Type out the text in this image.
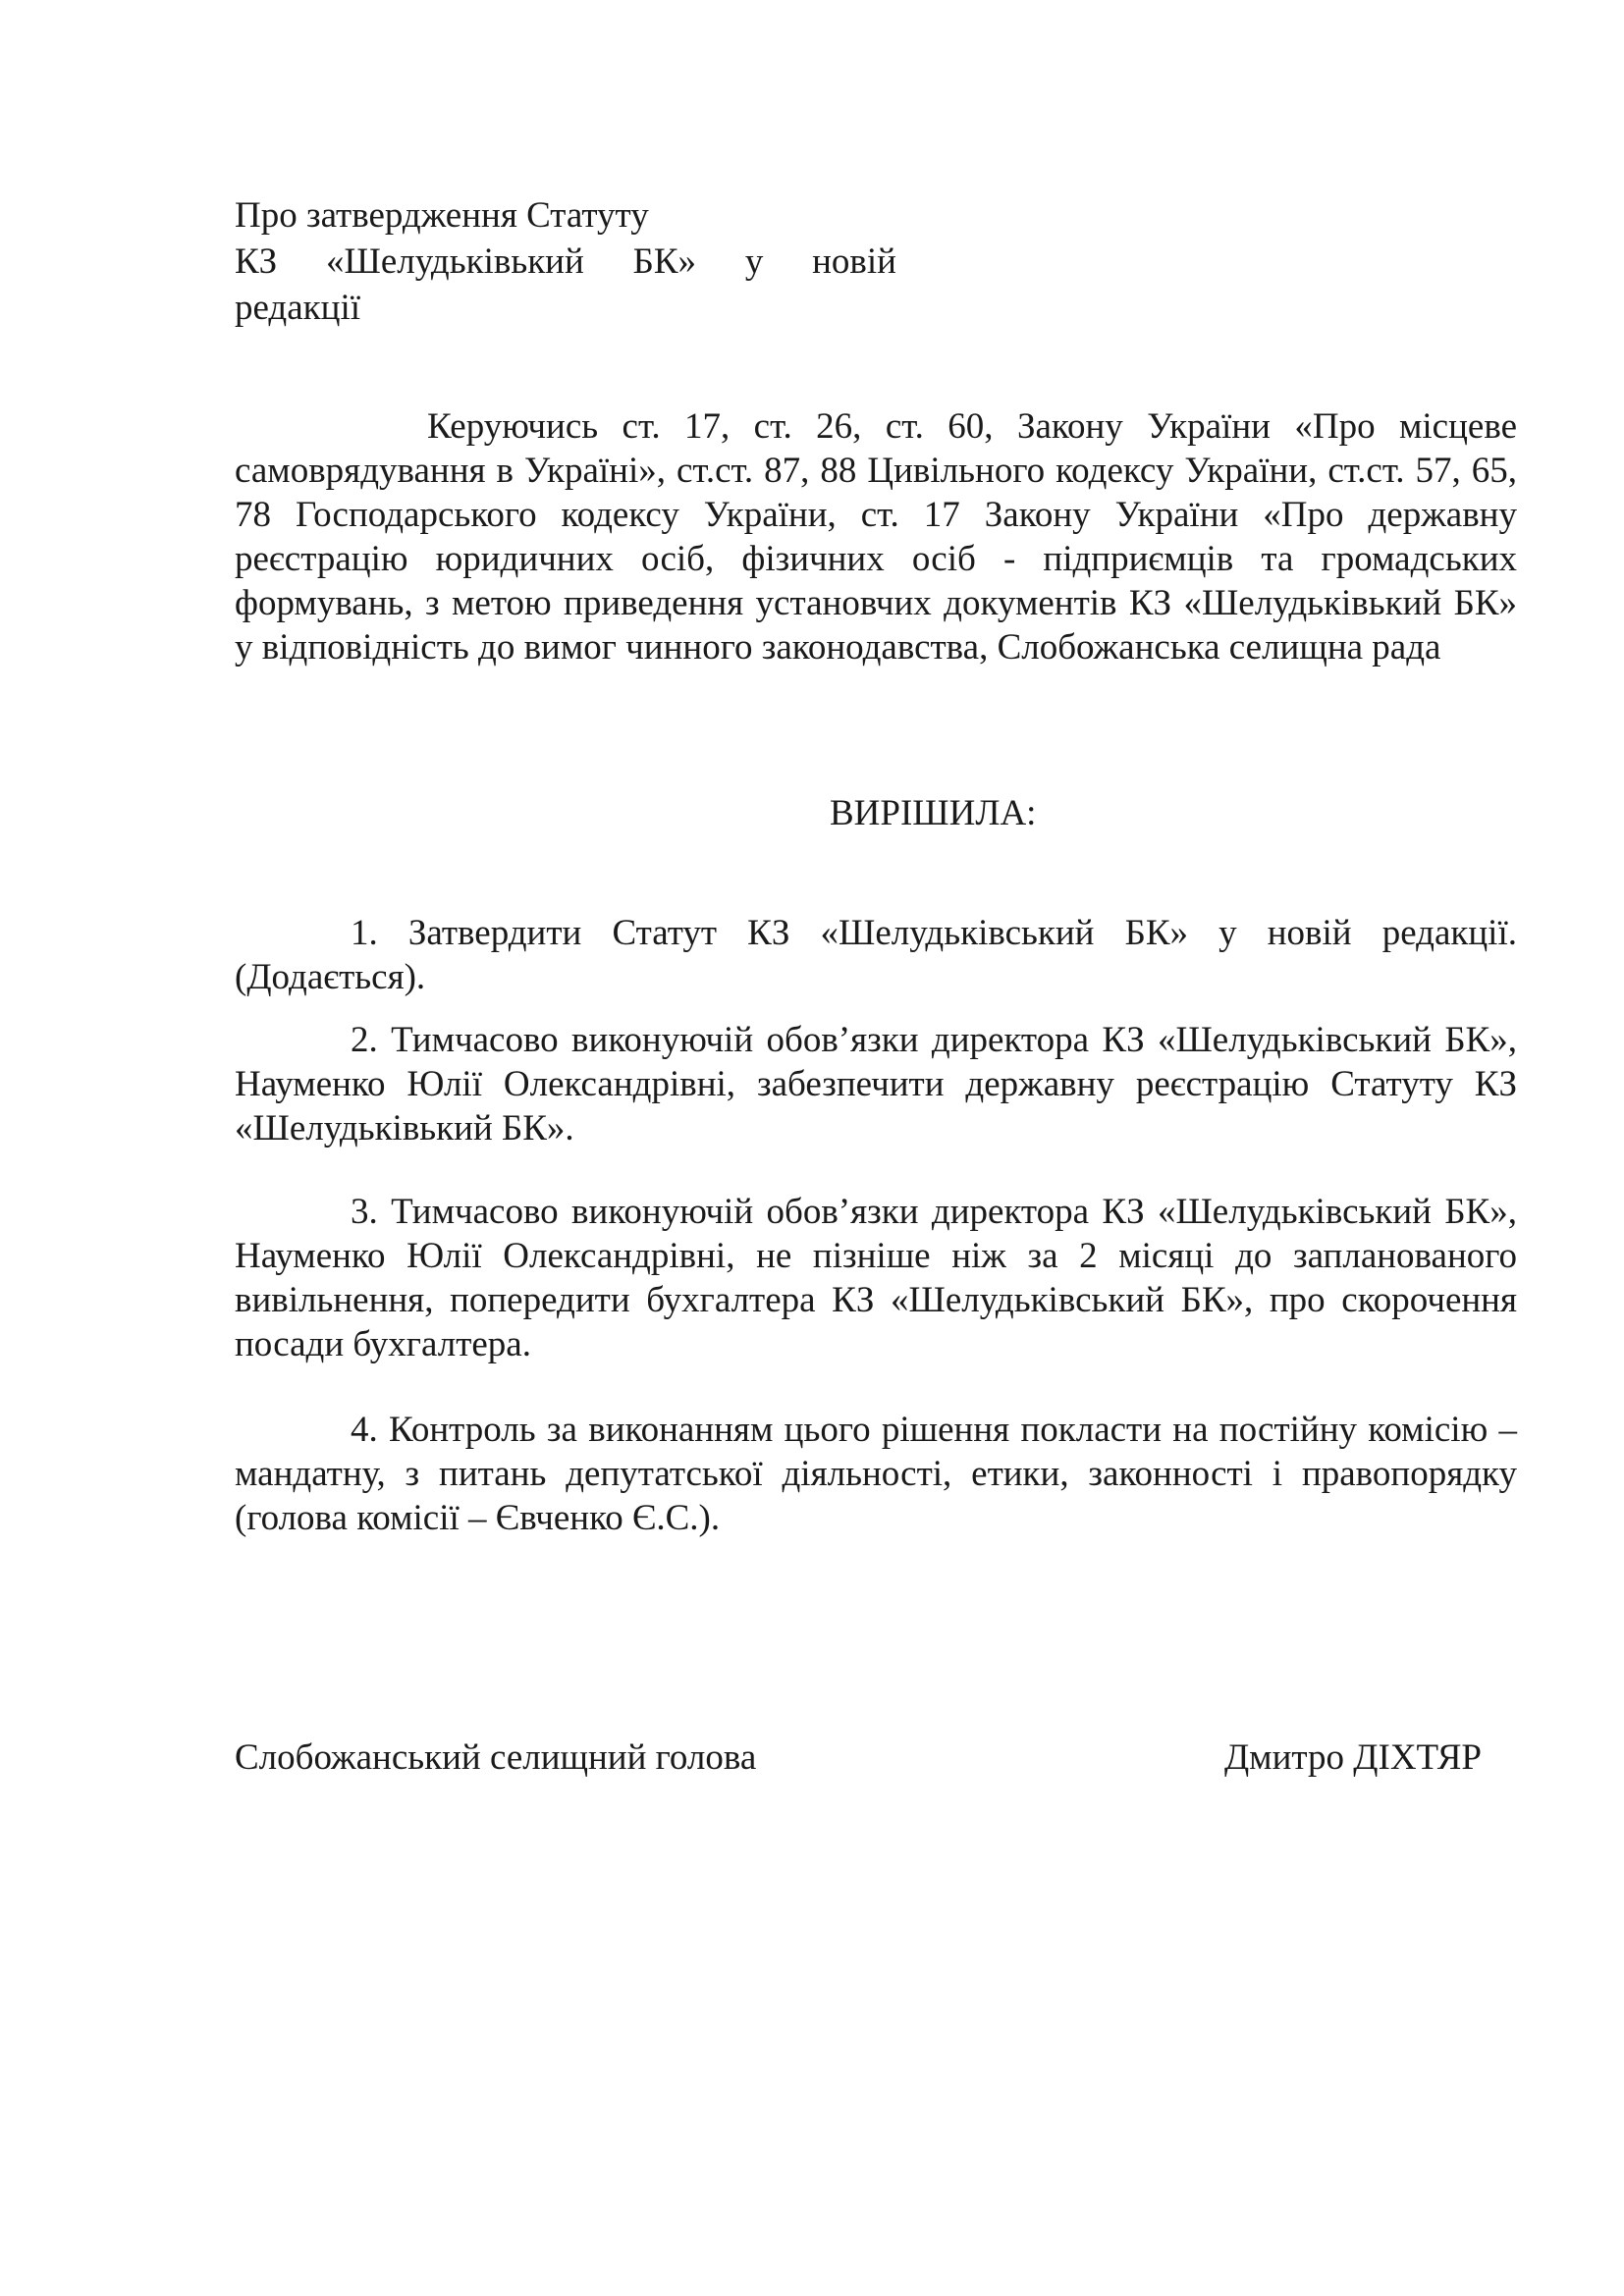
Про затвердження Статуту
КЗ «Шелудьківький БК» у новій
редакції

Керуючись ст. 17, ст. 26, ст. 60, Закону України «Про місцеве самоврядування в Україні», ст.ст. 87, 88 Цивільного кодексу України, ст.ст. 57, 65, 78 Господарського кодексу України, ст. 17 Закону України «Про державну реєстрацію юридичних осіб, фізичних осіб - підприємців та громадських формувань, з метою приведення установчих документів КЗ «Шелудьківький БК» у відповідність до вимог чинного законодавства, Слобожанська селищна рада

ВИРІШИЛА:

1. Затвердити Статут КЗ «Шелудьківський БК» у новій редакції. (Додається).

2. Тимчасово виконуючій обов’язки директора КЗ «Шелудьківський БК», Науменко Юлії Олександрівні, забезпечити державну реєстрацію Статуту КЗ «Шелудьківький БК».

3. Тимчасово виконуючій обов’язки директора КЗ «Шелудьківський БК», Науменко Юлії Олександрівні, не пізніше ніж за 2 місяці до запланованого вивільнення, попередити бухгалтера КЗ «Шелудьківський БК», про скорочення посади бухгалтера.

4. Контроль за виконанням цього рішення покласти на постійну комісію – мандатну, з питань депутатської діяльності, етики, законності і правопорядку (голова комісії – Євченко Є.С.).

Слобожанський селищний голова	Дмитро ДІХТЯР
